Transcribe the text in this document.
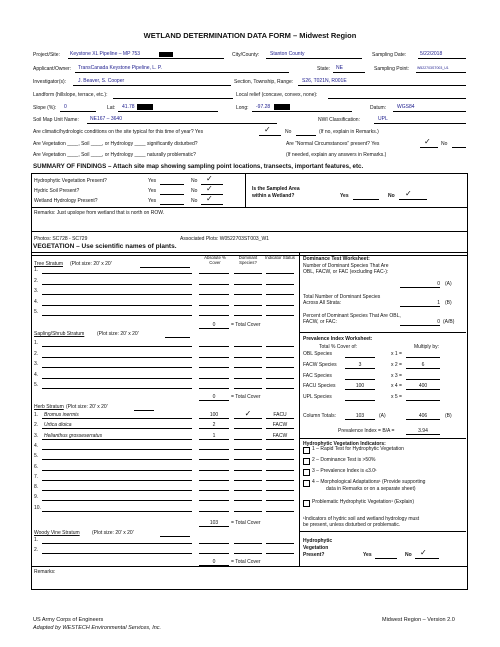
WETLAND DETERMINATION DATA FORM – Midwest Region
Project/Site: Keystone XL Pipeline – MP 753	City/County: Stanton County	Sampling Date:	5/22/2018
Applicant/Owner: TransCanada Keystone Pipeline, L. P.	State: NE	Sampling Point: W522703ST003_U1
Investigator(s): J. Beaver, S. Cooper	Section, Township, Range: S26, T021N, R001E
Landform (hillslope, terrace, etc.):	Local relief (concave, convex, none):
Slope (%): 0	Lat: 41.78	Long: -97.28	Datum: WGS84
Soil Map Unit Name: NE167 – 3640	NWI Classification:	UPL
Are climatic/hydrologic conditions on the site typical for this time of year? Yes	✓	No	(If no, explain in Remarks.)
Are Vegetation ____, Soil ____, or Hydrology ____ significantly disturbed?	Are “Normal Circumstances” present? Yes	✓ No
Are Vegetation ____, Soil ____, or Hydrology ____ naturally problematic?	(If needed, explain any answers in Remarks.)
SUMMARY OF FINDINGS – Attach site map showing sampling point locations, transects, important features, etc.
Hydrophytic Vegetation Present?	Yes	No ✓
Hydric Soil Present?	Yes	No ✓
Wetland Hydrology Present?	Yes	No ✓
Is the Sampled Area
within a Wetland?	Yes	No ✓
Remarks: Just upslope from wetland that is north on ROW.
Photos: SC728 - SC729	Associated Plots: W0522703ST003_W1
VEGETATION – Use scientific names of plants.
Absolute % Cover
Dominant Species?
Indicator Status
Tree Stratum (Plot size: 20' x 20'
1.
2.
3.
4.
5.
0	= Total Cover
Sapling/Shrub Stratum	(Plot size: 20' x 20'
1.
2.
3.
4.
5.
0	= Total Cover
Herb Stratum (Plot size: 20' x 20'
1. Bromus inermis	100	✓	FACU
2. Urtica dioica	2	FACW
3. Helianthus grosseserratus	1	FACW
4.
5.
6.
7.
8.
9.
10.
103	= Total Cover
Woody Vine Stratum (Plot size: 20' x 20'
1.
2.
0	= Total Cover
Remarks:
Dominance Test Worksheet:
Number of Dominant Species That Are OBL, FACW, or FAC (excluding FAC-):
0 (A)
Total Number of Dominant Species Across All Strata:	1 (B)
Percent of Dominant Species That Are OBL, FACW, or FAC:	0 (A/B)
Prevalence Index Worksheet:
Total % Cover of:	Multiply by:
OBL Species	x 1 =
FACW Species	3	x 2 =	6
FAC Species	x 3 =
FACU Species	100	x 4 =	400
UPL Species	x 5 =
Column Totals:	103	(A)	406	(B)
Prevalence Index = B/A =	3.94
Hydrophytic Vegetation Indicators:
1 – Rapid Test for Hydrophytic Vegetation
2 – Dominance Test is >50%
3 – Prevalence Index is ≤3.0¹
4 – Morphological Adaptations¹ (Provide supporting
data in Remarks or on a separate sheet)
Problematic Hydrophytic Vegetation¹ (Explain)
¹Indicators of hydric soil and wetland hydrology must
be present, unless disturbed or problematic.
Hydrophytic
Vegetation
Present?	Yes	No ✓
US Army Corps of Engineers
Adapted by WESTECH Environmental Services, Inc.
Midwest Region – Version 2.0
